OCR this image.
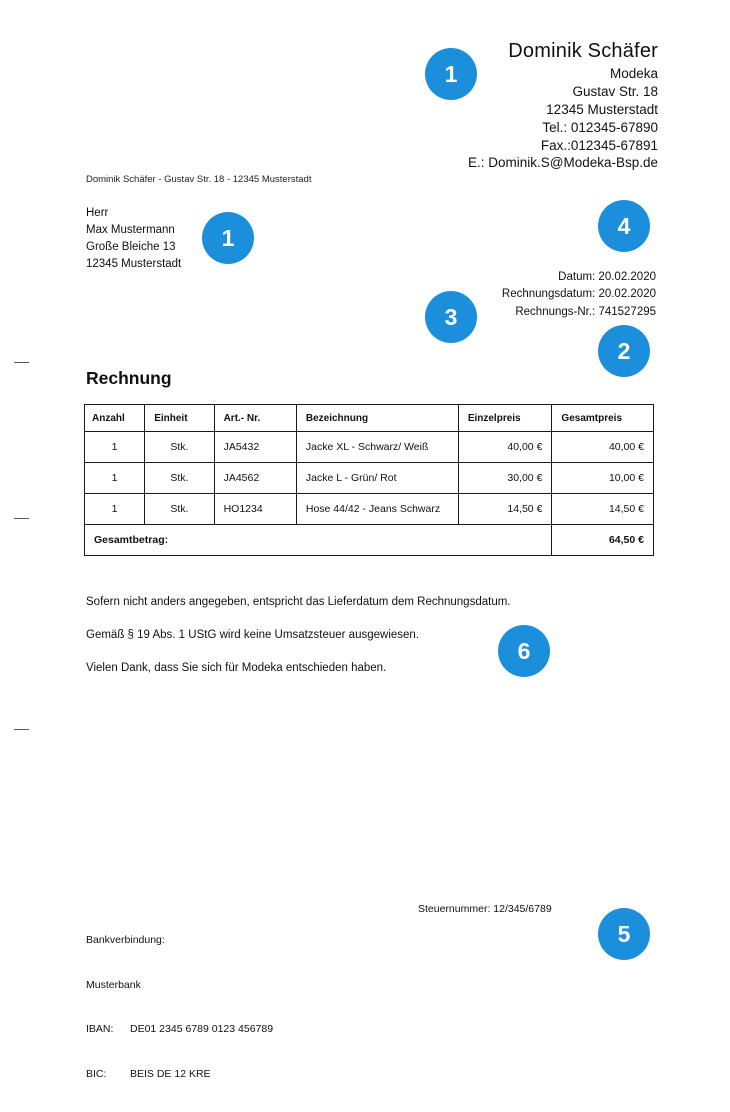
Dominik Schäfer
Modeka
Gustav Str. 18
12345 Musterstadt
Tel.: 012345-67890
Fax.:012345-67891
E.: Dominik.S@Modeka-Bsp.de
Dominik Schäfer - Gustav Str. 18 - 12345 Musterstadt
Herr
Max Mustermann
Große Bleiche 13
12345 Musterstadt
Datum: 20.02.2020
Rechnungsdatum: 20.02.2020
Rechnungs-Nr.: 741527295
Rechnung
Anzahl	Einheit	Art.- Nr.	Bezeichnung	Einzelpreis	Gesamtpreis
1	Stk.	JA5432	Jacke XL - Schwarz/ Weiß	40,00 €	40,00 €
1	Stk.	JA4562	Jacke L - Grün/ Rot	30,00 €	10,00 €
1	Stk.	HO1234	Hose 44/42 - Jeans Schwarz	14,50 €	14,50 €
Gesamtbetrag:					64,50 €

Sofern nicht anders angegeben, entspricht das Lieferdatum dem Rechnungsdatum.

Gemäß § 19 Abs. 1 UStG wird keine Umsatzsteuer ausgewiesen.

Vielen Dank, dass Sie sich für Modeka entschieden haben.

Bankverbindung:

Musterbank

IBAN: DE01 2345 6789 0123 456789

BIC: BEIS DE 12 KRE

Steuernummer: 12/345/6789
1
1	4
3
2
6
5
